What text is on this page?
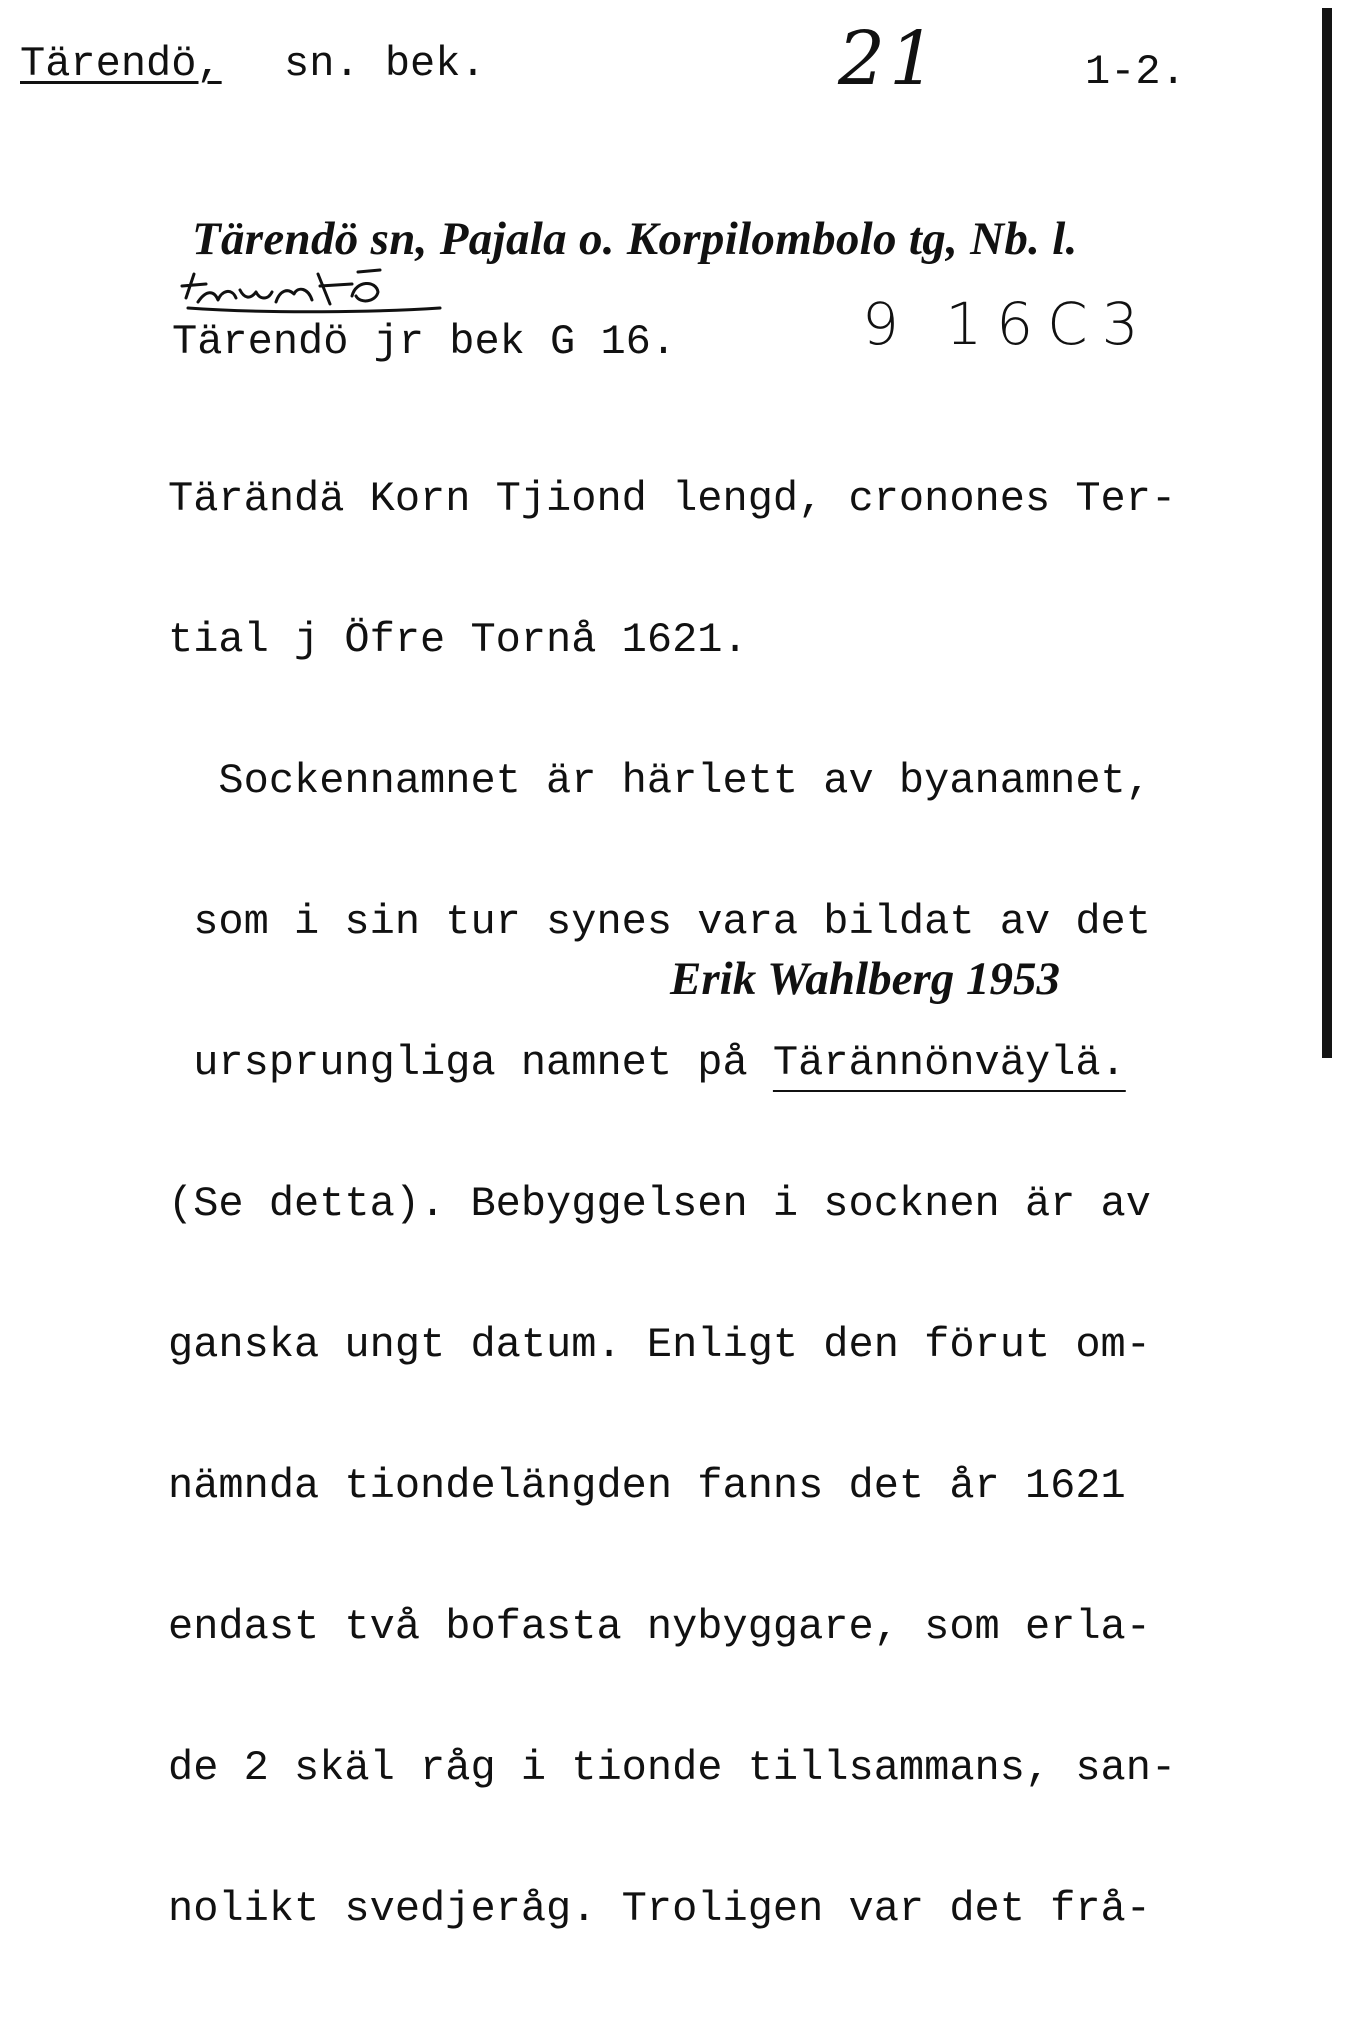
Tärendö, sn. bek.	21	1-2.
Tärendö sn, Pajala o. Korpilombolo tg, Nb. l.
Tärendö jr bek G 16.	9 16C3

Tärändä Korn Tjiond lengd, cronones Ter-

tial j Öfre Tornå 1621.

Sockennamnet är härlett av byanamnet,

som i sin tur synes vara bildat av det

ursprungliga namnet på Tärännönväylä.

(Se detta). Bebyggelsen i socknen är av

ganska ungt datum. Enligt den förut om-

nämnda tiondelängden fanns det år 1621

endast två bofasta nybyggare, som erla-

de 2 skäl råg i tionde tillsammans, san-

nolikt svedjeråg. Troligen var det frå-

Erik Wahlberg 1953
